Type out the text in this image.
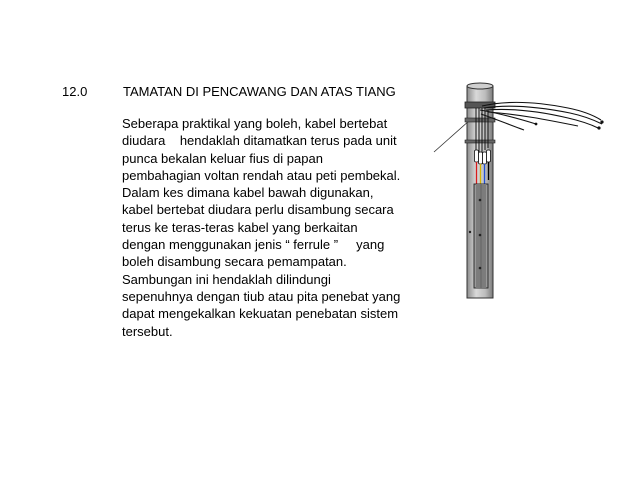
12.0	TAMATAN DI PENCAWANG DAN ATAS TIANG
Seberapa praktikal yang boleh, kabel bertebat
diudara    hendaklah ditamatkan terus pada unit
punca bekalan keluar fius di papan
pembahagian voltan rendah atau peti pembekal.
Dalam kes dimana kabel bawah digunakan,
kabel bertebat diudara perlu disambung secara
terus ke teras-teras kabel yang berkaitan
dengan menggunakan jenis “ ferrule ”     yang
boleh disambung secara pemampatan.
Sambungan ini hendaklah dilindungi
sepenuhnya dengan tiub atau pita penebat yang
dapat mengekalkan kekuatan penebatan sistem
tersebut.
